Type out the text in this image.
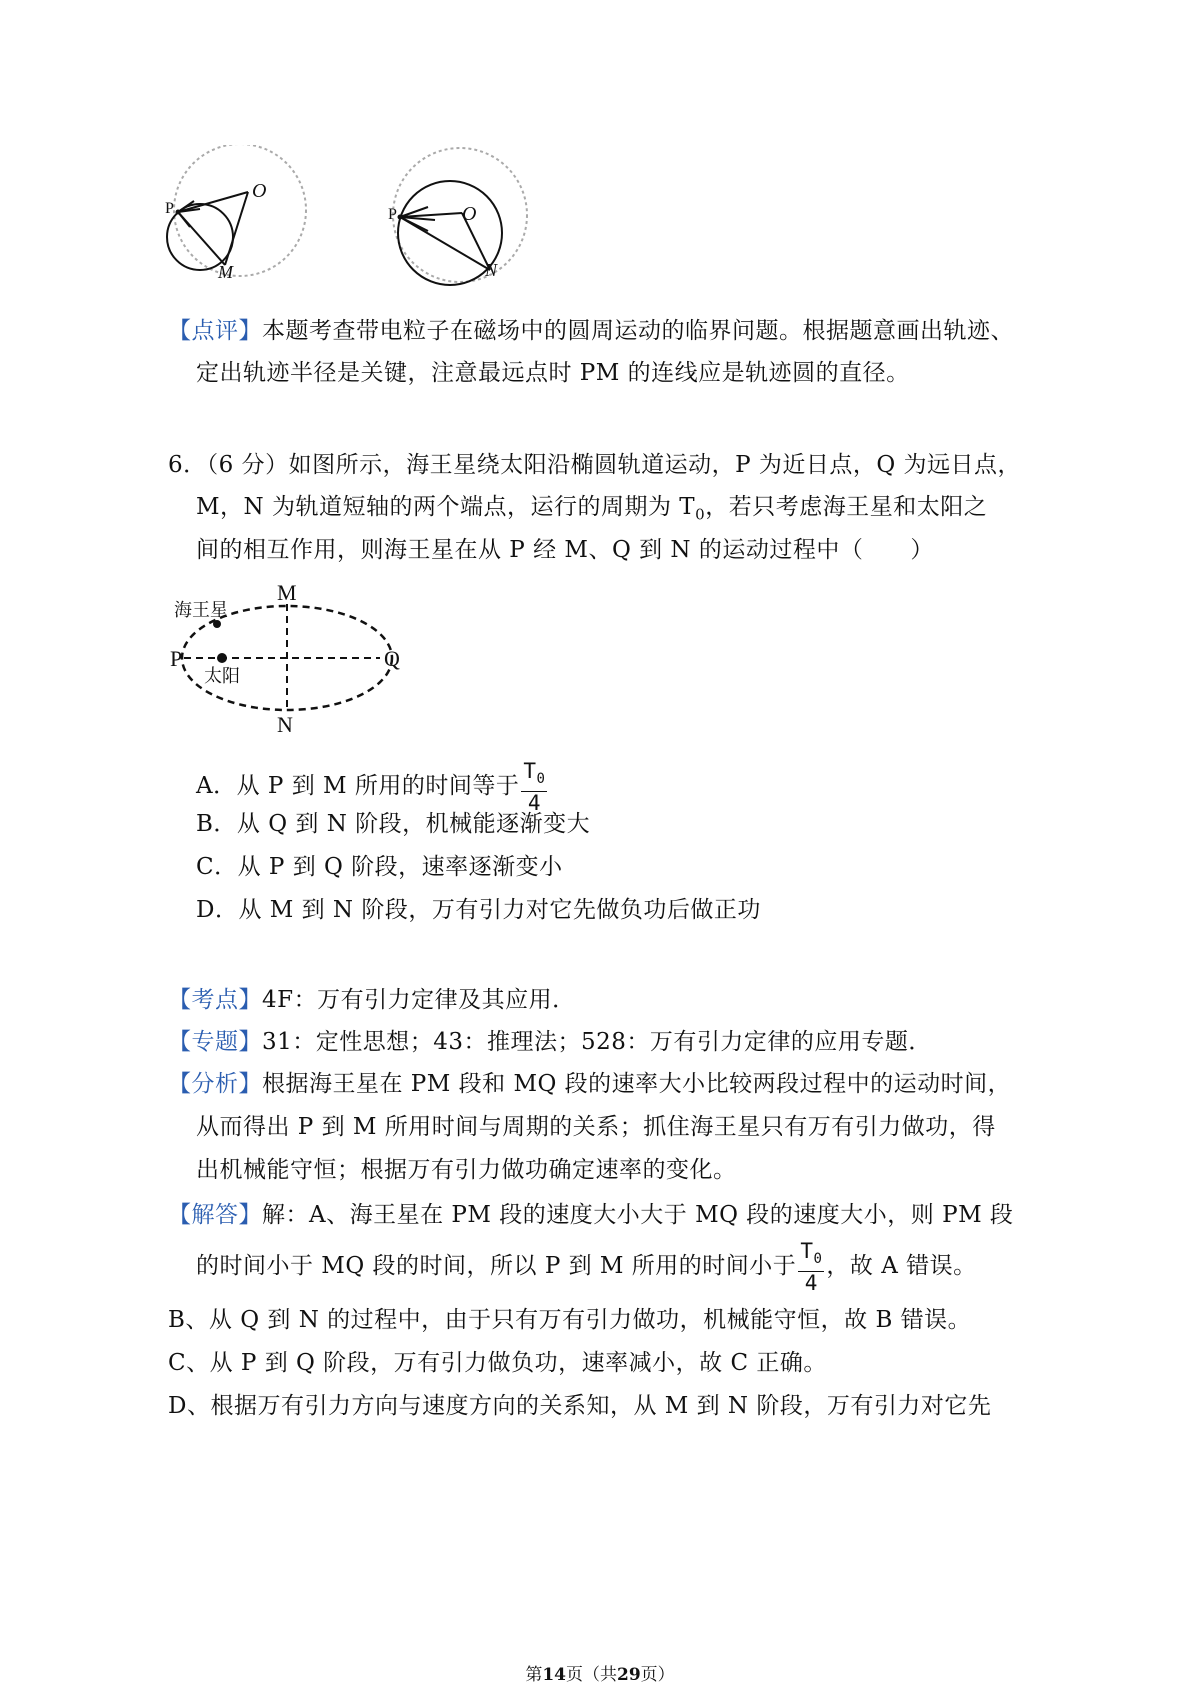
P
O
M
P	O
N
【点评】本题考查带电粒子在磁场中的圆周运动的临界问题。根据题意画出轨迹、
定出轨迹半径是关键，注意最远点时 PM 的连线应是轨迹圆的直径。
6．（6 分）如图所示，海王星绕太阳沿椭圆轨道运动，P 为近日点，Q 为远日点，
M，N 为轨道短轴的两个端点，运行的周期为 $T_0$，若只考虑海王星和太阳之
间的相互作用，则海王星在从 P 经 M、Q 到 N 的运动过程中（　　）
海王星
太阳
M
N
P	Q
A．从 P 到 M 所用的时间等于 $\frac{T_0}{4}$
B．从 Q 到 N 阶段，机械能逐渐变大
C．从 P 到 Q 阶段，速率逐渐变小
D．从 M 到 N 阶段，万有引力对它先做负功后做正功
【考点】4F：万有引力定律及其应用．
【专题】31：定性思想；43：推理法；528：万有引力定律的应用专题．
【分析】根据海王星在 PM 段和 MQ 段的速率大小比较两段过程中的运动时间，
从而得出 P 到 M 所用时间与周期的关系；抓住海王星只有万有引力做功，得
出机械能守恒；根据万有引力做功确定速率的变化。
【解答】解：A、海王星在 PM 段的速度大小大于 MQ 段的速度大小，则 PM 段
的时间小于 MQ 段的时间，所以 P 到 M 所用的时间小于 $\frac{T_0}{4}$ ，故 A 错误。
B、从 Q 到 N 的过程中，由于只有万有引力做功，机械能守恒，故 B 错误。
C、从 P 到 Q 阶段，万有引力做负功，速率减小，故 C 正确。
D、根据万有引力方向与速度方向的关系知，从 M 到 N 阶段，万有引力对它先
第14页（共29页）
